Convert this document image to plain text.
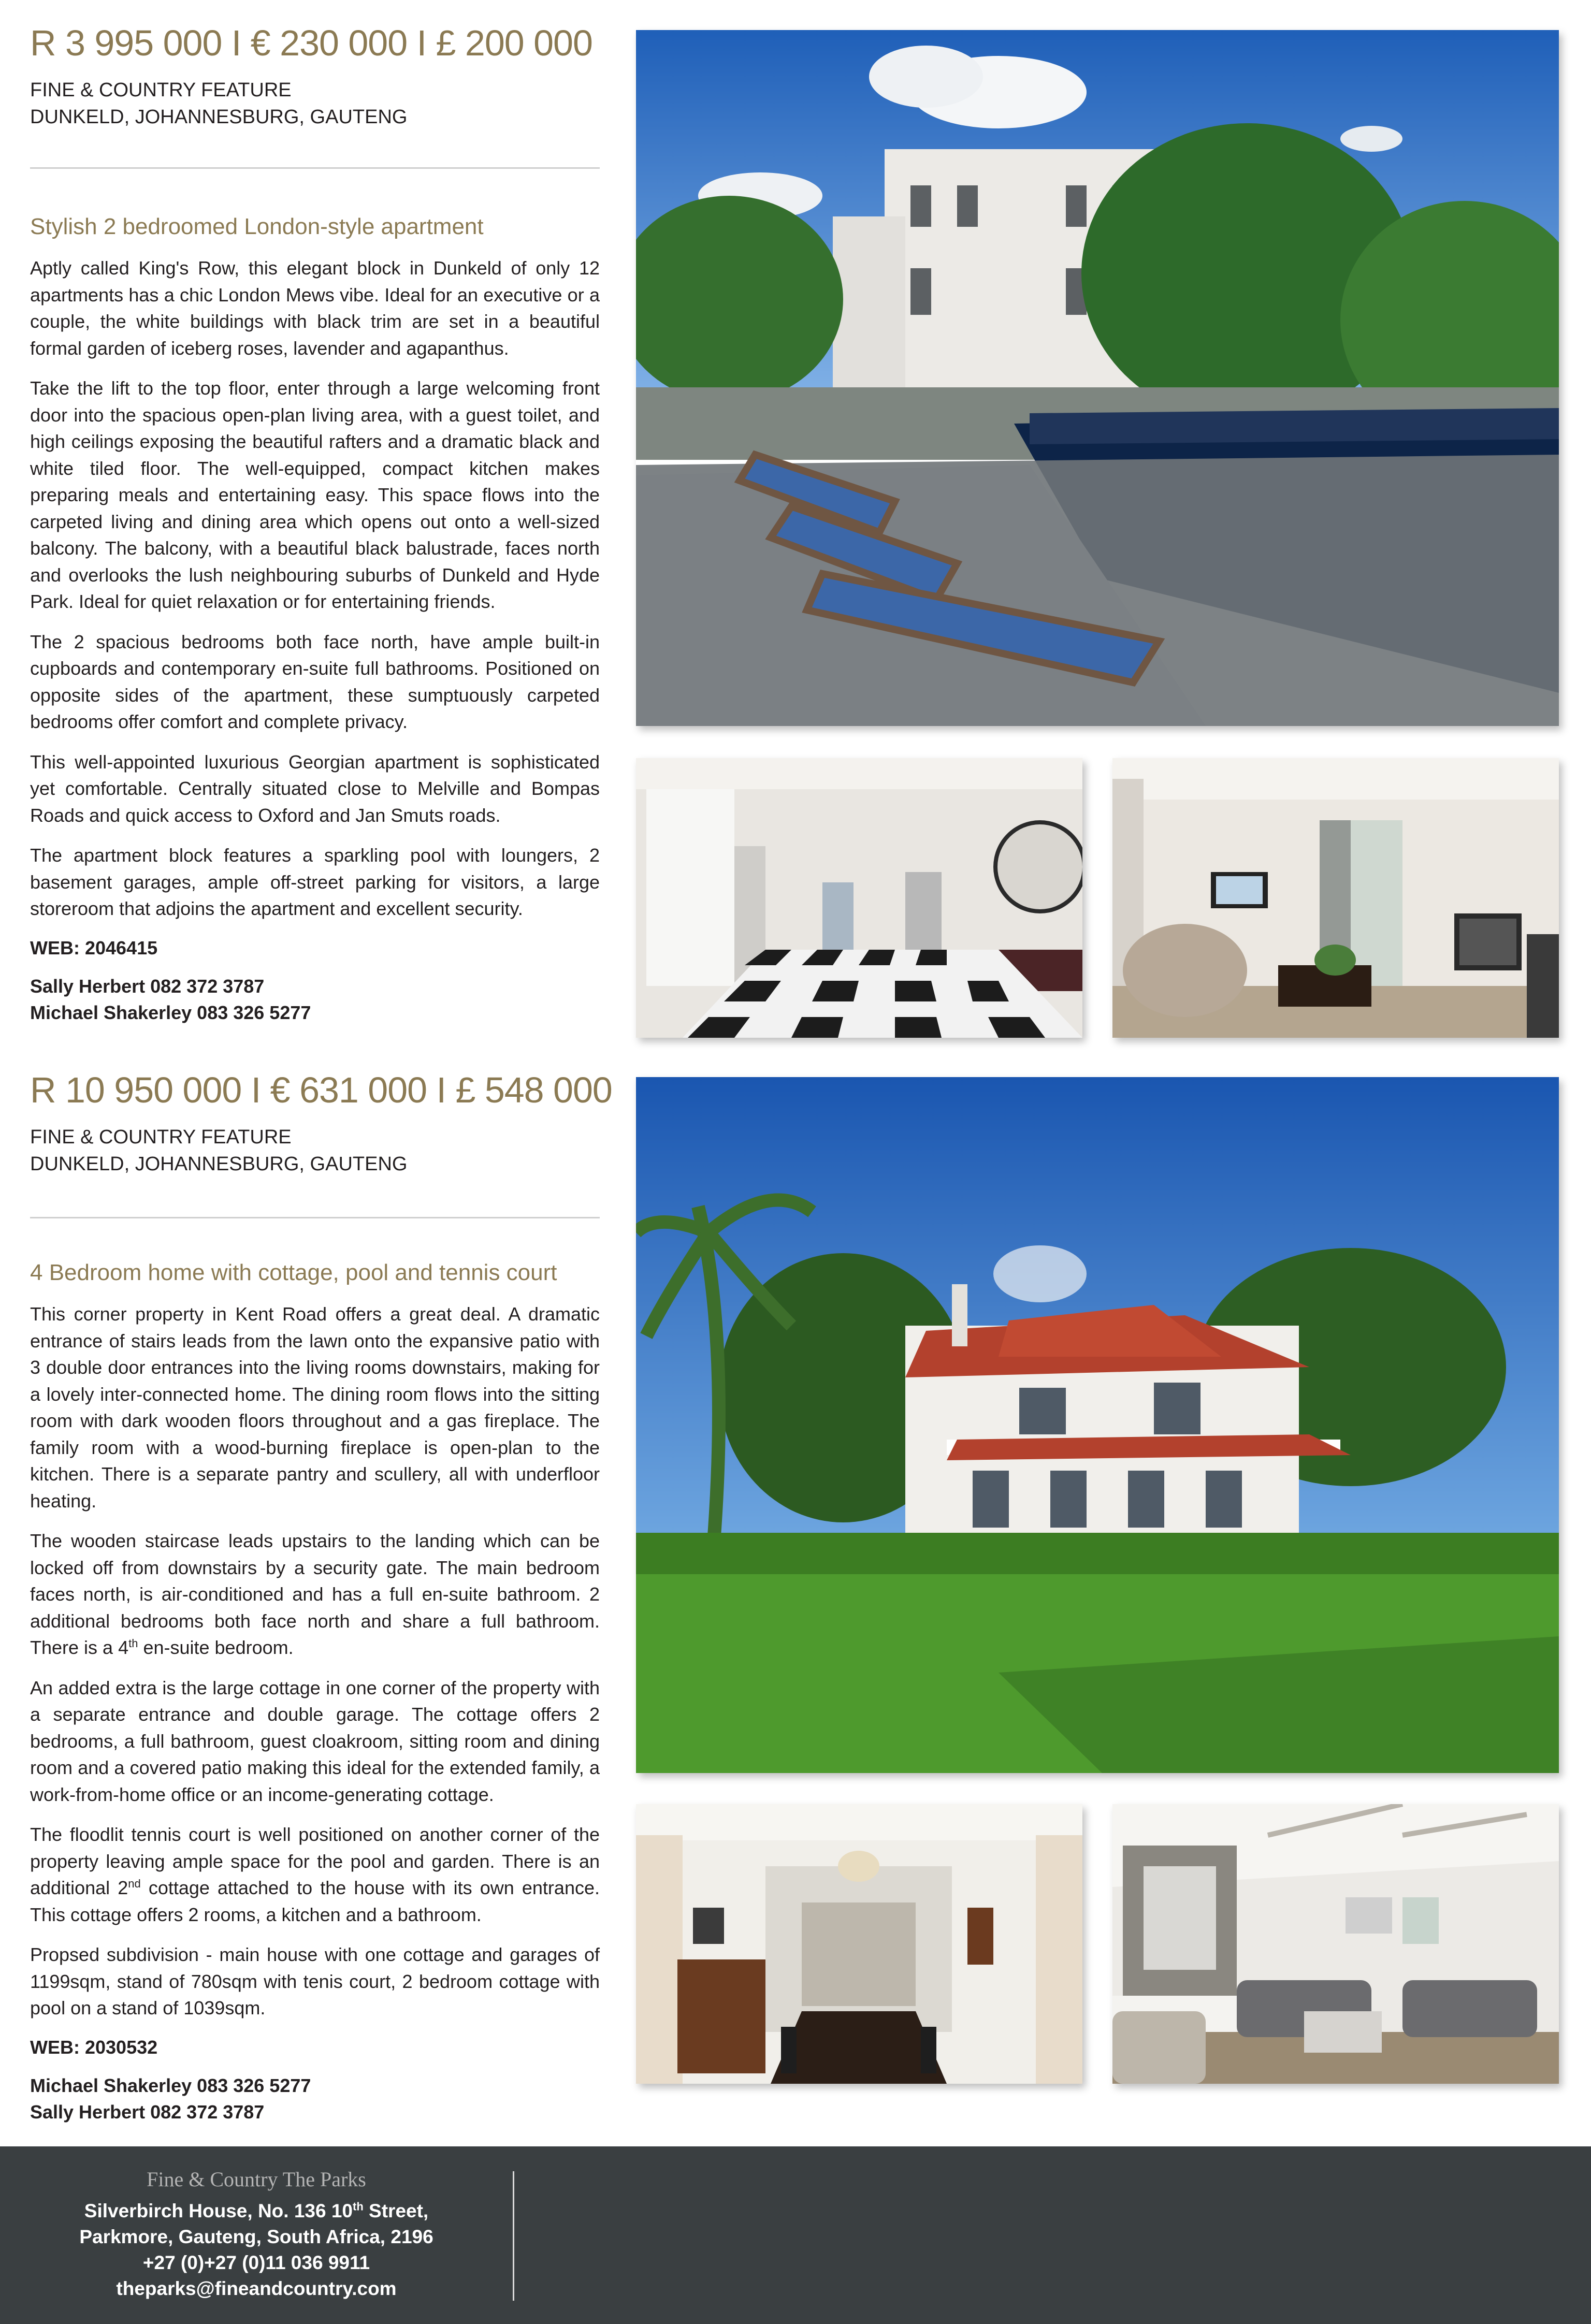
R 3 995 000 I € 230 000 I £ 200 000
FINE & COUNTRY FEATURE
DUNKELD, JOHANNESBURG, GAUTENG
Stylish 2 bedroomed London-style apartment

Aptly called King's Row, this elegant block in Dunkeld of only 12 apartments has a chic London Mews vibe. Ideal for an executive or a couple, the white buildings with black trim are set in a beautiful formal garden of iceberg roses, lavender and agapanthus.

Take the lift to the top floor, enter through a large welcoming front door into the spacious open-plan living area, with a guest toilet, and high ceilings exposing the beautiful rafters and a dramatic black and white tiled floor. The well-equipped, compact kitchen makes preparing meals and entertaining easy. This space flows into the carpeted living and dining area which opens out onto a well-sized balcony. The balcony, with a beautiful black balustrade, faces north and overlooks the lush neighbouring suburbs of Dunkeld and Hyde Park. Ideal for quiet relaxation or for entertaining friends.

The 2 spacious bedrooms both face north, have ample built-in cupboards and contemporary en-suite full bathrooms. Positioned on opposite sides of the apartment, these sumptuously carpeted bedrooms offer comfort and complete privacy.

This well-appointed luxurious Georgian apartment is sophisticated yet comfortable. Centrally situated close to Melville and Bompas Roads and quick access to Oxford and Jan Smuts roads.

The apartment block features a sparkling pool with loungers, 2 basement garages, ample off-street parking for visitors, a large storeroom that adjoins the apartment and excellent security.

WEB: 2046415
Sally Herbert 082 372 3787
Michael Shakerley 083 326 5277
R 10 950 000 I € 631 000 I £ 548 000
FINE & COUNTRY FEATURE
DUNKELD, JOHANNESBURG, GAUTENG
4 Bedroom home with cottage, pool and tennis court

This corner property in Kent Road offers a great deal. A dramatic entrance of stairs leads from the lawn onto the expansive patio with 3 double door entrances into the living rooms downstairs, making for a lovely inter-connected home. The dining room flows into the sitting room with dark wooden floors throughout and a gas fireplace. The family room with a wood-burning fireplace is open-plan to the kitchen. There is a separate pantry and scullery, all with underfloor heating.

The wooden staircase leads upstairs to the landing which can be locked off from downstairs by a security gate. The main bedroom faces north, is air-conditioned and has a full en-suite bathroom. 2 additional bedrooms both face north and share a full bathroom. There is a 4th en-suite bedroom.

An added extra is the large cottage in one corner of the property with a separate entrance and double garage. The cottage offers 2 bedrooms, a full bathroom, guest cloakroom, sitting room and dining room and a covered patio making this ideal for the extended family, a work-from-home office or an income-generating cottage.

The floodlit tennis court is well positioned on another corner of the property leaving ample space for the pool and garden. There is an additional 2nd cottage attached to the house with its own entrance. This cottage offers 2 rooms, a kitchen and a bathroom.

Propsed subdivision - main house with one cottage and garages of 1199sqm, stand of 780sqm with tenis court, 2 bedroom cottage with pool on a stand of 1039sqm.

WEB: 2030532
Michael Shakerley 083 326 5277
Sally Herbert 082 372 3787
Fine & Country The Parks
Silverbirch House, No. 136 10th Street,
Parkmore, Gauteng, South Africa, 2196
+27 (0)+27 (0)11 036 9911
theparks@fineandcountry.com
